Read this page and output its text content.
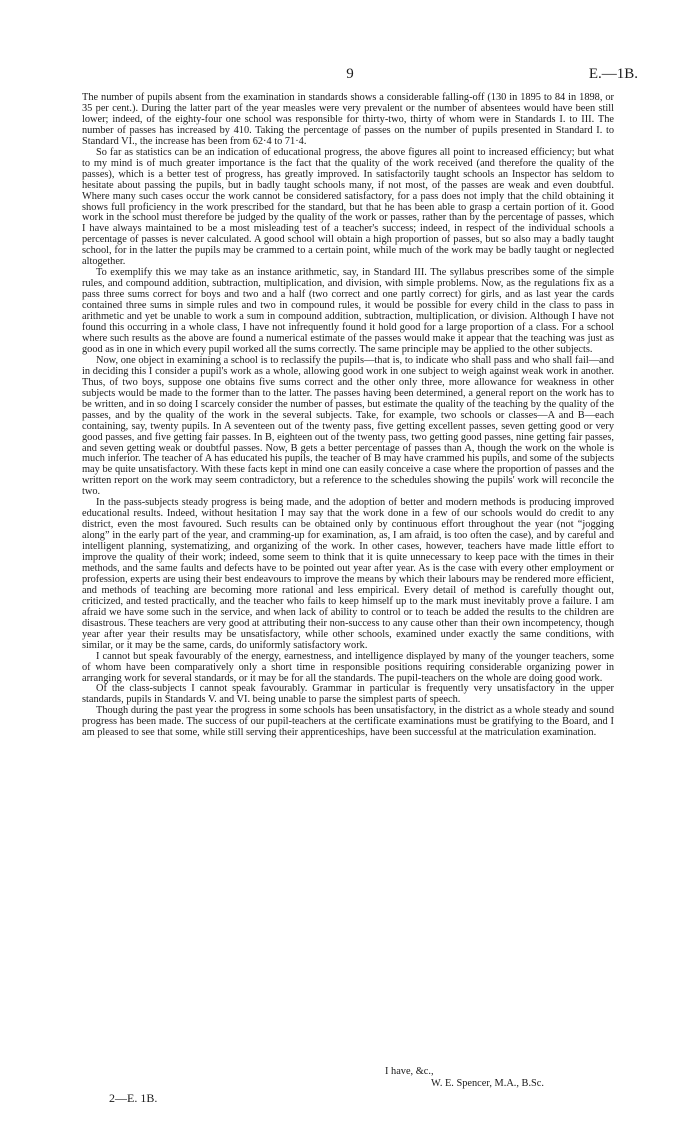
9	E.—1B.

The number of pupils absent from the examination in standards shows a considerable falling-off (130 in 1895 to 84 in 1898, or 35 per cent.). During the latter part of the year measles were very prevalent or the number of absentees would have been still lower; indeed, of the eighty-four one school was responsible for thirty-two, thirty of whom were in Standards I. to III. The number of passes has increased by 410. Taking the percentage of passes on the number of pupils presented in Standard I. to Standard VI., the increase has been from 62·4 to 71·4.

So far as statistics can be an indication of educational progress, the above figures all point to increased efficiency; but what to my mind is of much greater importance is the fact that the quality of the work received (and therefore the quality of the passes), which is a better test of progress, has greatly improved. In satisfactorily taught schools an Inspector has seldom to hesitate about passing the pupils, but in badly taught schools many, if not most, of the passes are weak and even doubtful. Where many such cases occur the work cannot be considered satisfactory, for a pass does not imply that the child obtaining it shows full proficiency in the work prescribed for the standard, but that he has been able to grasp a certain portion of it. Good work in the school must therefore be judged by the quality of the work or passes, rather than by the percentage of passes, which I have always maintained to be a most misleading test of a teacher's success; indeed, in respect of the individual schools a percentage of passes is never calculated. A good school will obtain a high proportion of passes, but so also may a badly taught school, for in the latter the pupils may be crammed to a certain point, while much of the work may be badly taught or neglected altogether.

To exemplify this we may take as an instance arithmetic, say, in Standard III. The syllabus prescribes some of the simple rules, and compound addition, subtraction, multiplication, and division, with simple problems. Now, as the regulations fix as a pass three sums correct for boys and two and a half (two correct and one partly correct) for girls, and as last year the cards contained three sums in simple rules and two in compound rules, it would be possible for every child in the class to pass in arithmetic and yet be unable to work a sum in compound addition, subtraction, multiplication, or division. Although I have not found this occurring in a whole class, I have not infrequently found it hold good for a large proportion of a class. For a school where such results as the above are found a numerical estimate of the passes would make it appear that the teaching was just as good as in one in which every pupil worked all the sums correctly. The same principle may be applied to the other subjects.

Now, one object in examining a school is to reclassify the pupils—that is, to indicate who shall pass and who shall fail—and in deciding this I consider a pupil's work as a whole, allowing good work in one subject to weigh against weak work in another. Thus, of two boys, suppose one obtains five sums correct and the other only three, more allowance for weakness in other subjects would be made to the former than to the latter. The passes having been determined, a general report on the work has to be written, and in so doing I scarcely consider the number of passes, but estimate the quality of the teaching by the quality of the passes, and by the quality of the work in the several subjects. Take, for example, two schools or classes—A and B—each containing, say, twenty pupils. In A seventeen out of the twenty pass, five getting excellent passes, seven getting good or very good passes, and five getting fair passes. In B, eighteen out of the twenty pass, two getting good passes, nine getting fair passes, and seven getting weak or doubtful passes. Now, B gets a better percentage of passes than A, though the work on the whole is much inferior. The teacher of A has educated his pupils, the teacher of B may have crammed his pupils, and some of the subjects may be quite unsatisfactory. With these facts kept in mind one can easily conceive a case where the proportion of passes and the written report on the work may seem contradictory, but a reference to the schedules showing the pupils' work will reconcile the two.

In the pass-subjects steady progress is being made, and the adoption of better and modern methods is producing improved educational results. Indeed, without hesitation I may say that the work done in a few of our schools would do credit to any district, even the most favoured. Such results can be obtained only by continuous effort throughout the year (not “jogging along” in the early part of the year, and cramming-up for examination, as, I am afraid, is too often the case), and by careful and intelligent planning, systematizing, and organizing of the work. In other cases, however, teachers have made little effort to improve the quality of their work; indeed, some seem to think that it is quite unnecessary to keep pace with the times in their methods, and the same faults and defects have to be pointed out year after year. As is the case with every other employment or profession, experts are using their best endeavours to improve the means by which their labours may be rendered more efficient, and methods of teaching are becoming more rational and less empirical. Every detail of method is carefully thought out, criticized, and tested practically, and the teacher who fails to keep himself up to the mark must inevitably prove a failure. I am afraid we have some such in the service, and when lack of ability to control or to teach be added the results to the children are disastrous. These teachers are very good at attributing their non-success to any cause other than their own incompetency, though year after year their results may be unsatisfactory, while other schools, examined under exactly the same conditions, with similar, or it may be the same, cards, do uniformly satisfactory work.

I cannot but speak favourably of the energy, earnestness, and intelligence displayed by many of the younger teachers, some of whom have been comparatively only a short time in responsible positions requiring considerable organizing power in arranging work for several standards, or it may be for all the standards. The pupil-teachers on the whole are doing good work.

Of the class-subjects I cannot speak favourably. Grammar in particular is frequently very unsatisfactory in the upper standards, pupils in Standards V. and VI. being unable to parse the simplest parts of speech.

Though during the past year the progress in some schools has been unsatisfactory, in the district as a whole steady and sound progress has been made. The success of our pupil-teachers at the certificate examinations must be gratifying to the Board, and I am pleased to see that some, while still serving their apprenticeships, have been successful at the matriculation examination.

I have, &c.,
W. E. Spencer, M.A., B.Sc.
2—E. 1B.
